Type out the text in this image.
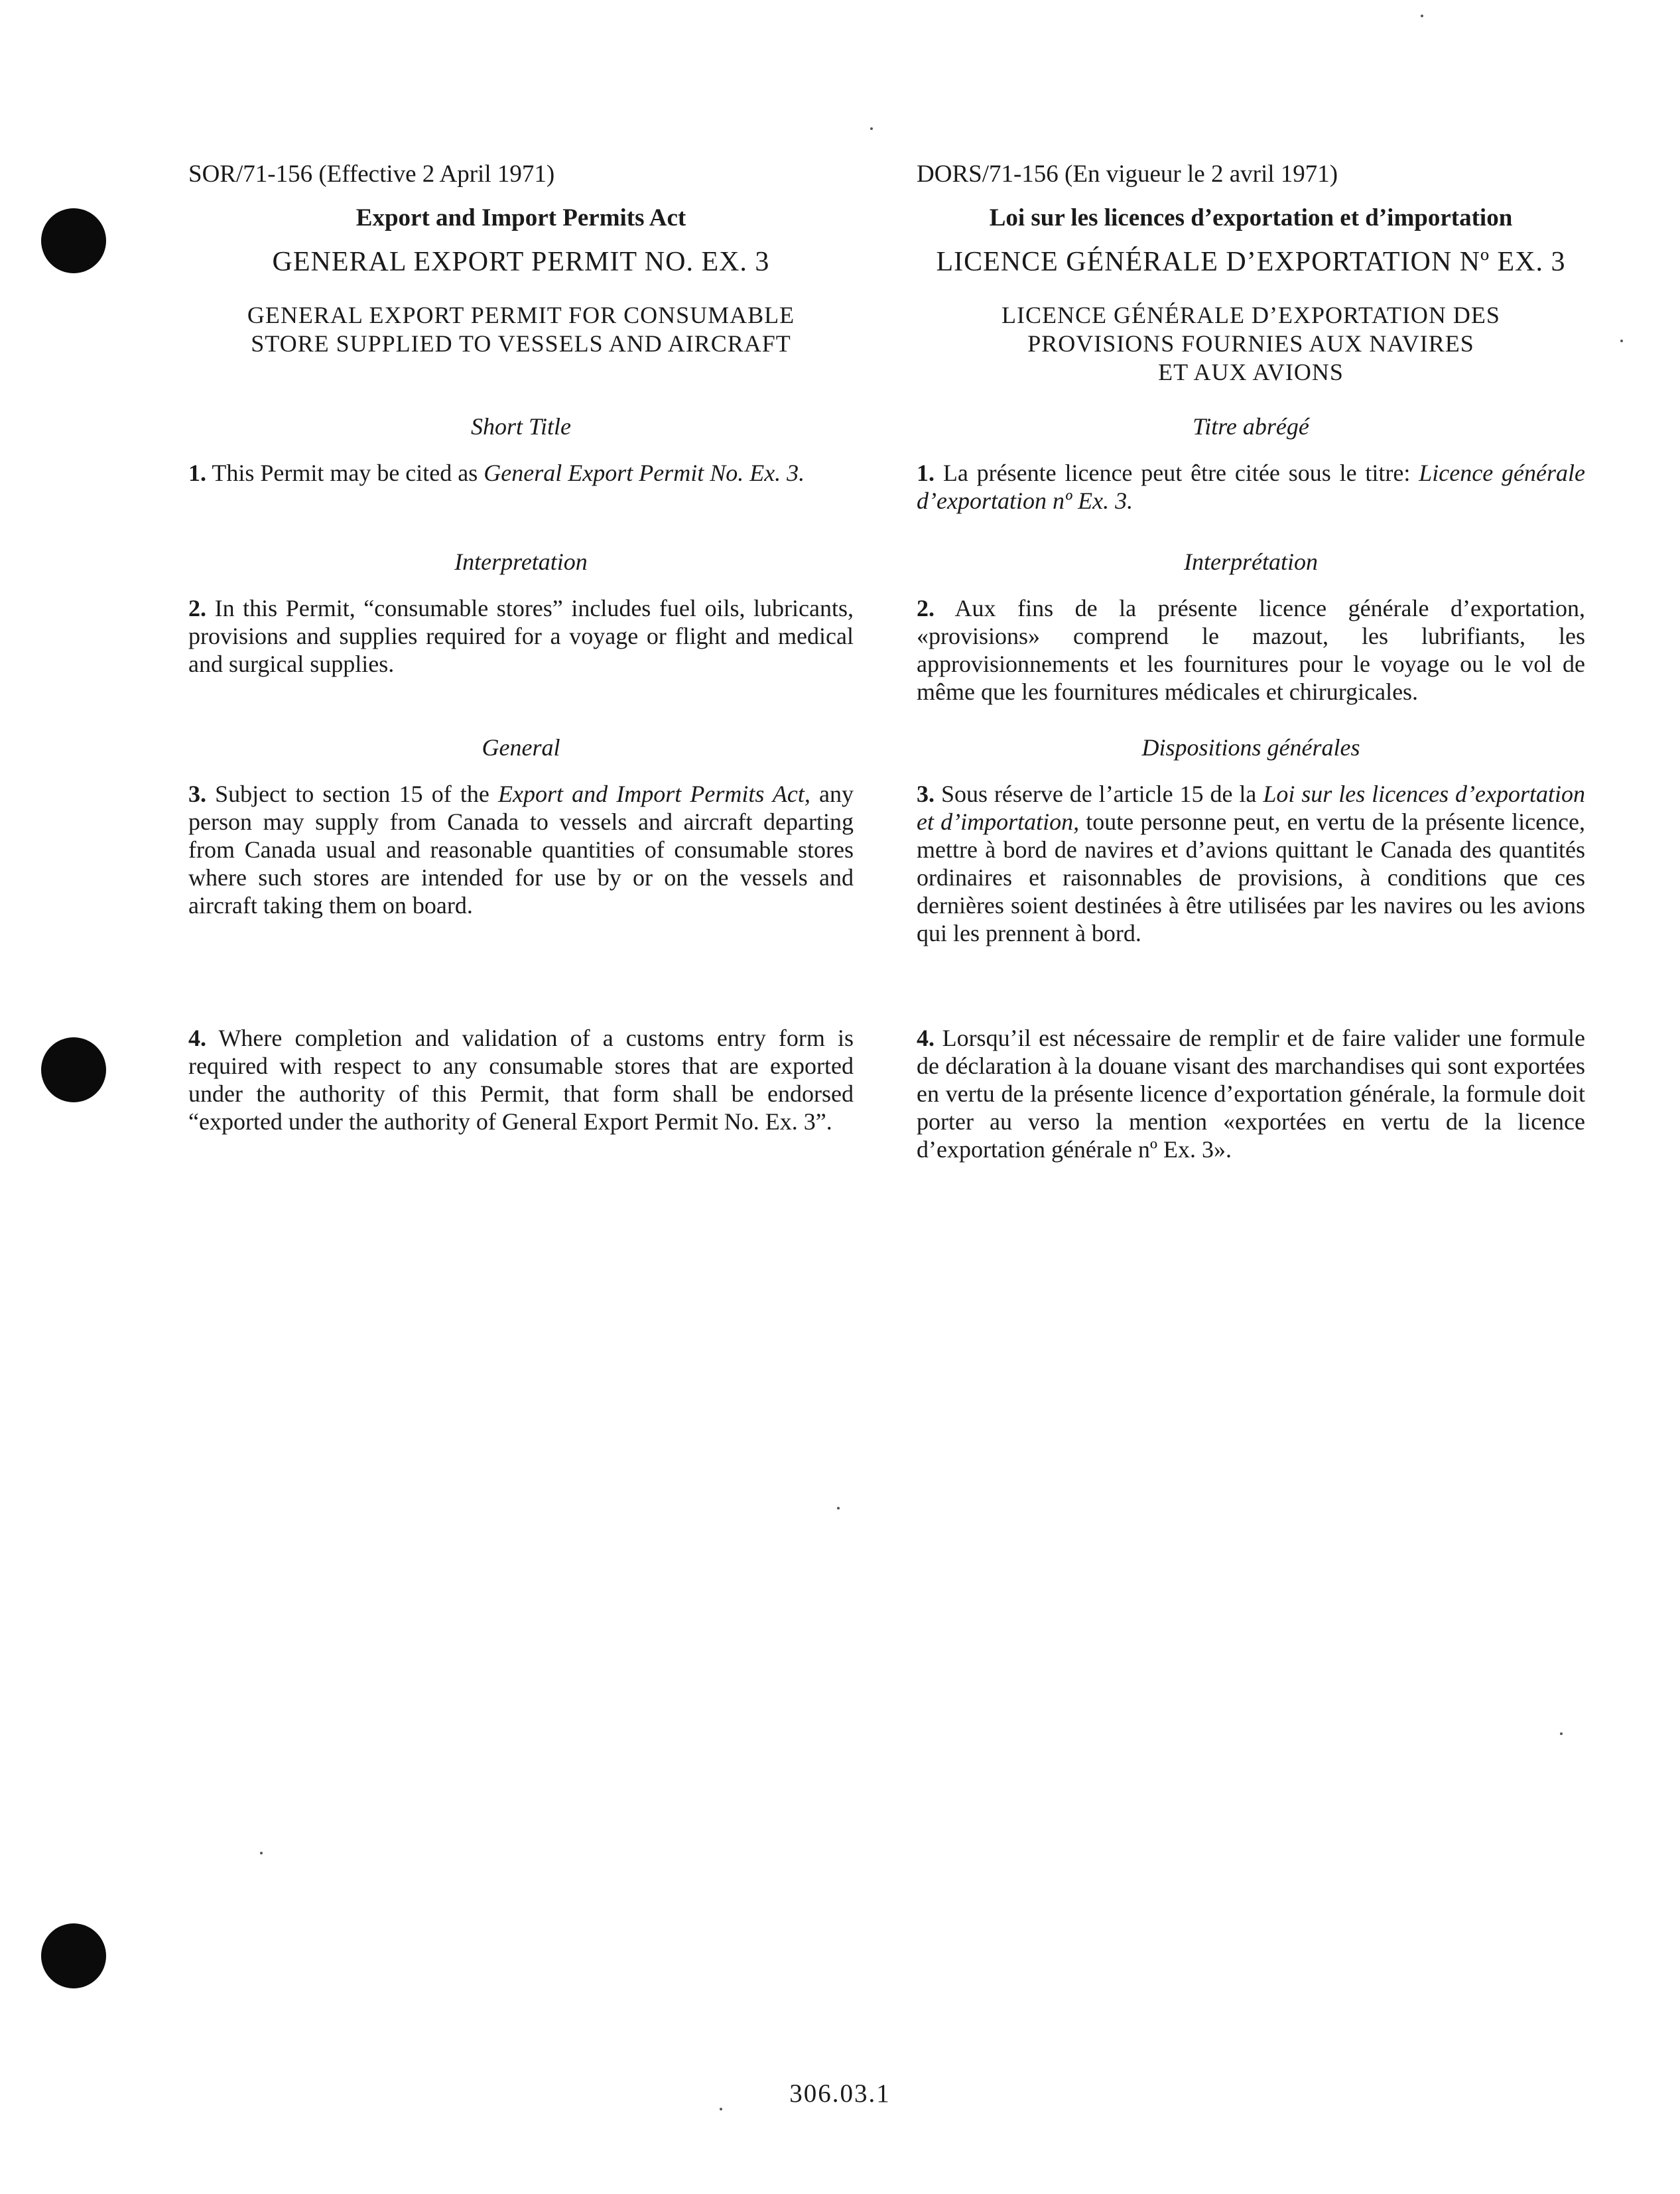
SOR/71-156 (Effective 2 April 1971)
Export and Import Permits Act
GENERAL EXPORT PERMIT NO. EX. 3
GENERAL EXPORT PERMIT FOR CONSUMABLE
STORE SUPPLIED TO VESSELS AND AIRCRAFT
Short Title
1. This Permit may be cited as General Export Permit No. Ex. 3.
Interpretation
2. In this Permit, “consumable stores” includes fuel oils, lubricants, provisions and supplies required for a voyage or flight and medical and surgical supplies.
General
3. Subject to section 15 of the Export and Import Permits Act, any person may supply from Canada to vessels and aircraft departing from Canada usual and reasonable quantities of consumable stores where such stores are intended for use by or on the vessels and aircraft taking them on board.
4. Where completion and validation of a customs entry form is required with respect to any consumable stores that are exported under the authority of this Permit, that form shall be endorsed “exported under the authority of General Export Permit No. Ex. 3”.
DORS/71-156 (En vigueur le 2 avril 1971)
Loi sur les licences d’exportation et d’importation
LICENCE GÉNÉRALE D’EXPORTATION Nº EX. 3
LICENCE GÉNÉRALE D’EXPORTATION DES
PROVISIONS FOURNIES AUX NAVIRES
ET AUX AVIONS
Titre abrégé
1. La présente licence peut être citée sous le titre: Licence générale d’exportation nº Ex. 3.
Interprétation
2. Aux fins de la présente licence générale d’exportation, «provisions» comprend le mazout, les lubrifiants, les approvisionnements et les fournitures pour le voyage ou le vol de même que les fournitures médicales et chirurgicales.
Dispositions générales
3. Sous réserve de l’article 15 de la Loi sur les licences d’exportation et d’importation, toute personne peut, en vertu de la présente licence, mettre à bord de navires et d’avions quittant le Canada des quantités ordinaires et raisonnables de provisions, à conditions que ces dernières soient destinées à être utilisées par les navires ou les avions qui les prennent à bord.
4. Lorsqu’il est nécessaire de remplir et de faire valider une formule de déclaration à la douane visant des marchandises qui sont exportées en vertu de la présente licence d’exportation générale, la formule doit porter au verso la mention «exportées en vertu de la licence d’exportation générale nº Ex. 3».
306.03.1
